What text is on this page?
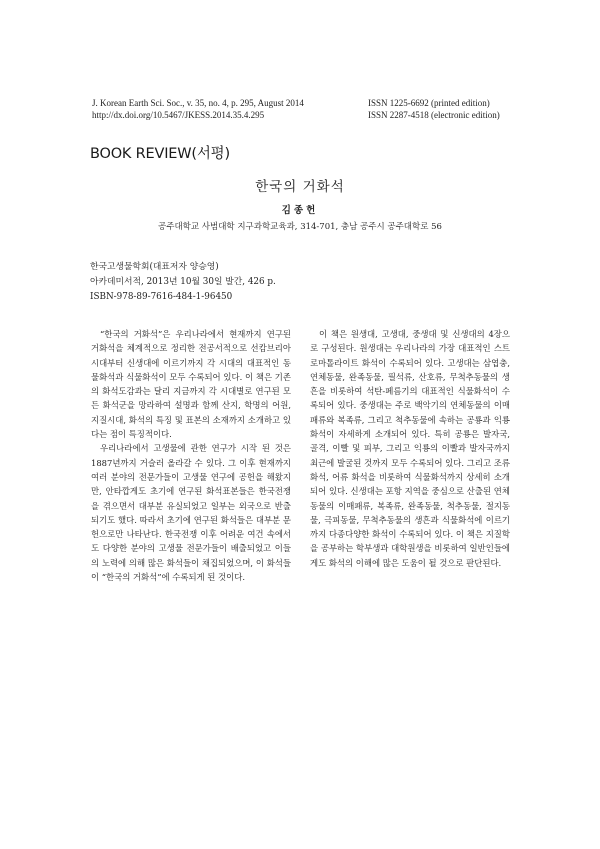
J. Korean Earth Sci. Soc., v. 35, no. 4, p. 295, August 2014
http://dx.doi.org/10.5467/JKESS.2014.35.4.295
ISSN 1225-6692 (printed edition)
ISSN 2287-4518 (electronic edition)
BOOK REVIEW(서평)
한국의 거화석
김종헌
공주대학교 사범대학 지구과학교육과, 314-701, 충남 공주시 공주대학로 56
한국고생물학회(대표저자 양승영)
아카데미서적, 2013년 10월 30일 발간, 426 p.
ISBN-978-89-7616-484-1-96450

“한국의 거화석”은 우리나라에서 현재까지 연구된 거화석을 체계적으로 정리한 전공서적으로 선캄브리아 시대부터 신생대에 이르기까지 각 시대의 대표적인 동물화석과 식물화석이 모두 수록되어 있다. 이 책은 기존의 화석도감과는 달리 지금까지 각 시대별로 연구된 모든 화석군을 망라하여 설명과 함께 산지, 학명의 어원, 지질시대, 화석의 특징 및 표본의 소재까지 소개하고 있다는 점이 특징적이다.

우리나라에서 고생물에 관한 연구가 시작 된 것은 1887년까지 거슬러 올라갈 수 있다. 그 이후 현재까지 여러 분야의 전문가들이 고생물 연구에 공헌을 해왔지만, 안타깝게도 초기에 연구된 화석표본들은 한국전쟁을 겪으면서 대부분 유실되었고 일부는 외국으로 반출되기도 했다. 따라서 초기에 연구된 화석들은 대부분 문헌으로만 나타난다. 한국전쟁 이후 어려운 여건 속에서도 다양한 분야의 고생물 전문가들이 배출되었고 이들의 노력에 의해 많은 화석들이 채집되었으며, 이 화석들이 “한국의 거화석”에 수록되게 된 것이다.

이 책은 원생대, 고생대, 중생대 및 신생대의 4장으로 구성된다. 원생대는 우리나라의 가장 대표적인 스트로마톨라이트 화석이 수록되어 있다. 고생대는 삼엽충, 연체동물, 완족동물, 필석류, 산호류, 무척추동물의 생흔을 비롯하여 석탄-페름기의 대표적인 식물화석이 수록되어 있다. 중생대는 주로 백악기의 연체동물의 이매패류와 복족류, 그리고 척추동물에 속하는 공룡과 익룡 화석이 자세하게 소개되어 있다. 특히 공룡은 발자국, 골격, 이빨 및 피부, 그리고 익룡의 이빨과 발자국까지 최근에 발굴된 것까지 모두 수록되어 있다. 그리고 조류 화석, 어류 화석을 비롯하여 식물화석까지 상세히 소개되어 있다. 신생대는 포항 지역을 중심으로 산출된 연체동물의 이매패류, 복족류, 완족동물, 척추동물, 절지동물, 극피동물, 무척추동물의 생흔과 식물화석에 이르기까지 다종다양한 화석이 수록되어 있다. 이 책은 지질학을 공부하는 학부생과 대학원생을 비롯하여 일반인들에게도 화석의 이해에 많은 도움이 될 것으로 판단된다.
